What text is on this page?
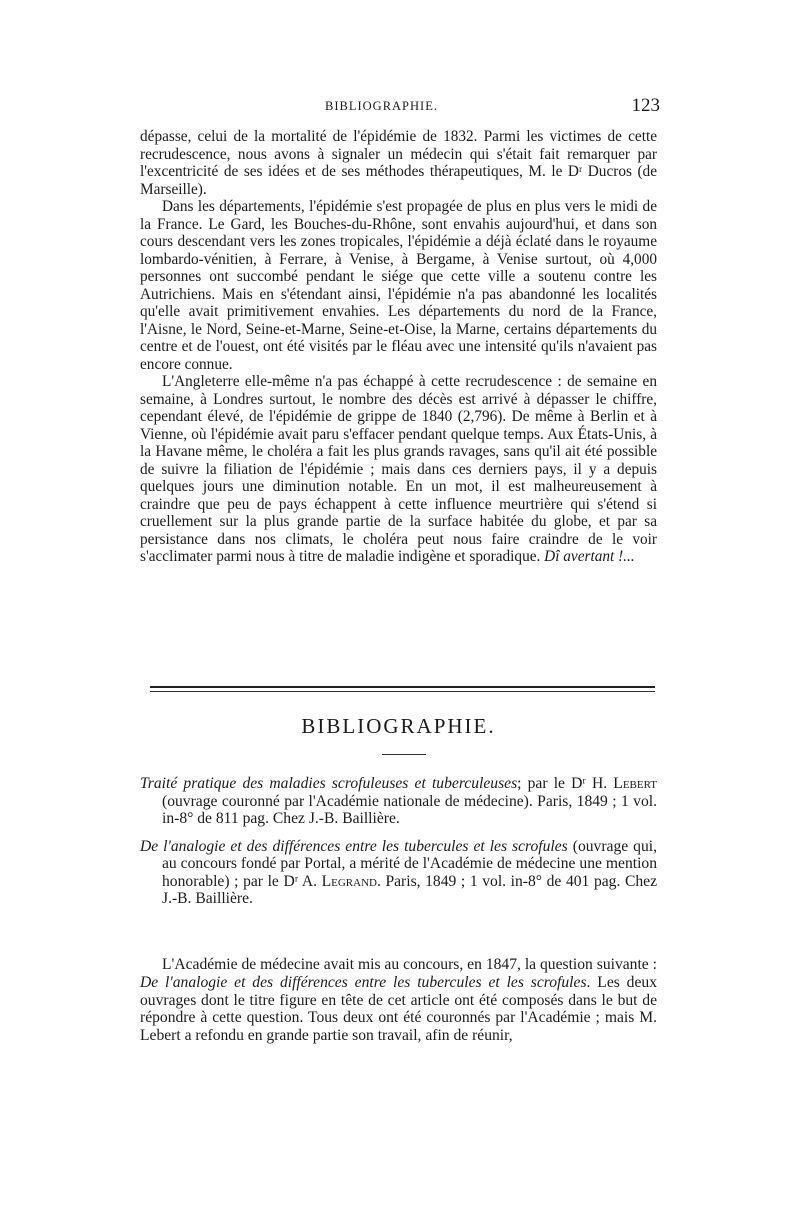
BIBLIOGRAPHIE.	123

dépasse, celui de la mortalité de l'épidémie de 1832. Parmi les victimes de cette recrudescence, nous avons à signaler un médecin qui s'était fait remarquer par l'excentricité de ses idées et de ses méthodes thérapeutiques, M. le Dʳ Ducros (de Marseille).

Dans les départements, l'épidémie s'est propagée de plus en plus vers le midi de la France. Le Gard, les Bouches-du-Rhône, sont envahis aujourd'hui, et dans son cours descendant vers les zones tropicales, l'épidémie a déjà éclaté dans le royaume lombardo-vénitien, à Ferrare, à Venise, à Bergame, à Venise surtout, où 4,000 personnes ont succombé pendant le siége que cette ville a soutenu contre les Autrichiens. Mais en s'étendant ainsi, l'épidémie n'a pas abandonné les localités qu'elle avait primitivement envahies. Les départements du nord de la France, l'Aisne, le Nord, Seine-et-Marne, Seine-et-Oise, la Marne, certains départements du centre et de l'ouest, ont été visités par le fléau avec une intensité qu'ils n'avaient pas encore connue.

L'Angleterre elle-même n'a pas échappé à cette recrudescence : de semaine en semaine, à Londres surtout, le nombre des décès est arrivé à dépasser le chiffre, cependant élevé, de l'épidémie de grippe de 1840 (2,796). De même à Berlin et à Vienne, où l'épidémie avait paru s'effacer pendant quelque temps. Aux États-Unis, à la Havane même, le choléra a fait les plus grands ravages, sans qu'il ait été possible de suivre la filiation de l'épidémie ; mais dans ces derniers pays, il y a depuis quelques jours une diminution notable. En un mot, il est malheureusement à craindre que peu de pays échappent à cette influence meurtrière qui s'étend si cruellement sur la plus grande partie de la surface habitée du globe, et par sa persistance dans nos climats, le choléra peut nous faire craindre de le voir s'acclimater parmi nous à titre de maladie indigène et sporadique. Dî avertant !...

BIBLIOGRAPHIE.

Traité pratique des maladies scrofuleuses et tuberculeuses; par le Dʳ H. Lebert (ouvrage couronné par l'Académie nationale de médecine). Paris, 1849 ; 1 vol. in-8° de 811 pag. Chez J.-B. Baillière.

De l'analogie et des différences entre les tubercules et les scrofules (ouvrage qui, au concours fondé par Portal, a mérité de l'Académie de médecine une mention honorable) ; par le Dʳ A. Legrand. Paris, 1849 ; 1 vol. in-8° de 401 pag. Chez J.-B. Baillière.

L'Académie de médecine avait mis au concours, en 1847, la question suivante : De l'analogie et des différences entre les tubercules et les scrofules. Les deux ouvrages dont le titre figure en tête de cet article ont été composés dans le but de répondre à cette question. Tous deux ont été couronnés par l'Académie ; mais M. Lebert a refondu en grande partie son travail, afin de réunir,
